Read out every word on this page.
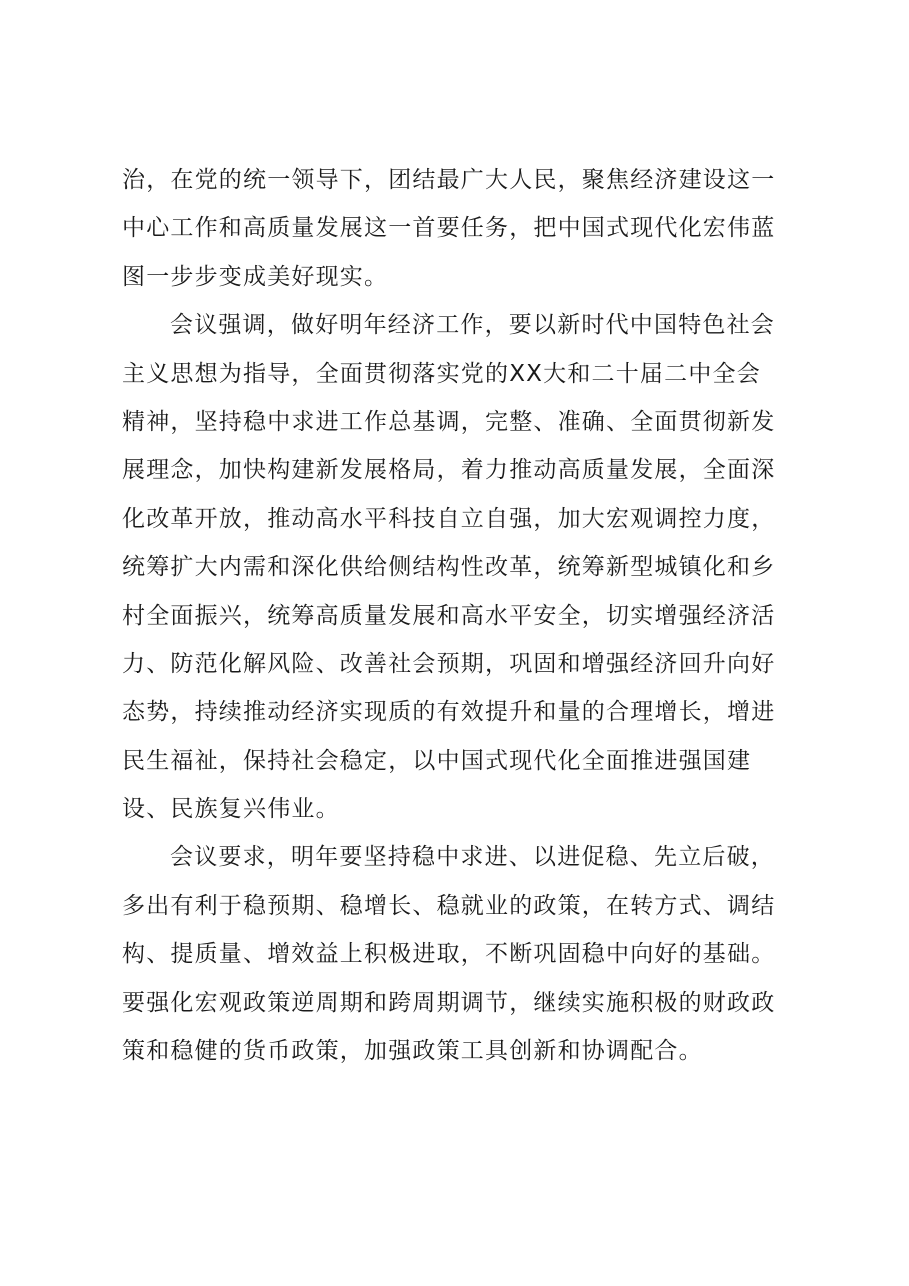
治，在党的统一领导下，团结最广大人民，聚焦经济建设这一
中心工作和高质量发展这一首要任务，把中国式现代化宏伟蓝
图一步步变成美好现实。

会议强调，做好明年经济工作，要以新时代中国特色社会
主义思想为指导，全面贯彻落实党的XX大和二十届二中全会
精神，坚持稳中求进工作总基调，完整、准确、全面贯彻新发
展理念，加快构建新发展格局，着力推动高质量发展，全面深
化改革开放，推动高水平科技自立自强，加大宏观调控力度，
统筹扩大内需和深化供给侧结构性改革，统筹新型城镇化和乡
村全面振兴，统筹高质量发展和高水平安全，切实增强经济活
力、防范化解风险、改善社会预期，巩固和增强经济回升向好
态势，持续推动经济实现质的有效提升和量的合理增长，增进
民生福祉，保持社会稳定，以中国式现代化全面推进强国建
设、民族复兴伟业。

会议要求，明年要坚持稳中求进、以进促稳、先立后破，
多出有利于稳预期、稳增长、稳就业的政策，在转方式、调结
构、提质量、增效益上积极进取，不断巩固稳中向好的基础。
要强化宏观政策逆周期和跨周期调节，继续实施积极的财政政
策和稳健的货币政策，加强政策工具创新和协调配合。
